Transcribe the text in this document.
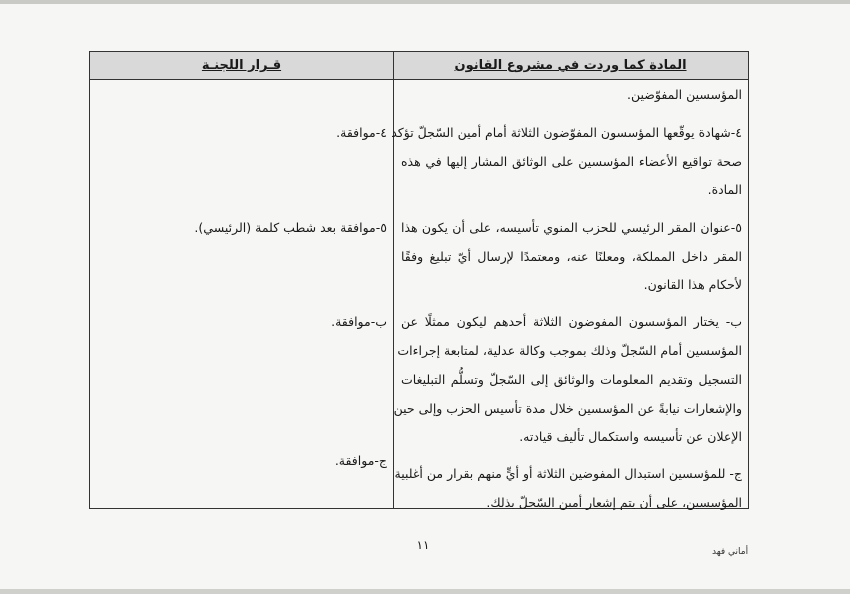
المادة كما وردت في مشروع القانون
قـرار اللجنـة
المؤسسين المفوّضين.
٤-شهادة يوقّعها المؤسسون المفوّضون الثلاثة أمام أمين السّجلّ تؤكد
صحة تواقيع الأعضاء المؤسسين على الوثائق المشار إليها في هذه
المادة.
٥-عنوان المقر الرئيسي للحزب المنوي تأسيسه، على أن يكون هذا
المقر داخل المملكة، ومعلنًا عنه، ومعتمدًا لإرسال أيّ تبليغ وفقًا
لأحكام هذا القانون.
ب- يختار المؤسسون المفوضون الثلاثة أحدهم ليكون ممثلًا عن
المؤسسين أمام السّجلّ وذلك بموجب وكالة عدلية، لمتابعة إجراءات
التسجيل وتقديم المعلومات والوثائق إلى السّجلّ وتسلُّم التبليغات
والإشعارات نيابةً عن المؤسسين خلال مدة تأسيس الحزب وإلى حين
الإعلان عن تأسيسه واستكمال تأليف قيادته.
ج- للمؤسسين استبدال المفوضين الثلاثة أو أيٍّ منهم بقرار من أغلبية
المؤسسين، على أن يتم إشعار أمين السّجلّ بذلك.
٤-موافقة.
٥-موافقة بعد شطب كلمة (الرئيسي).
ب-موافقة.
ج-موافقة.
١١	أماني فهد
